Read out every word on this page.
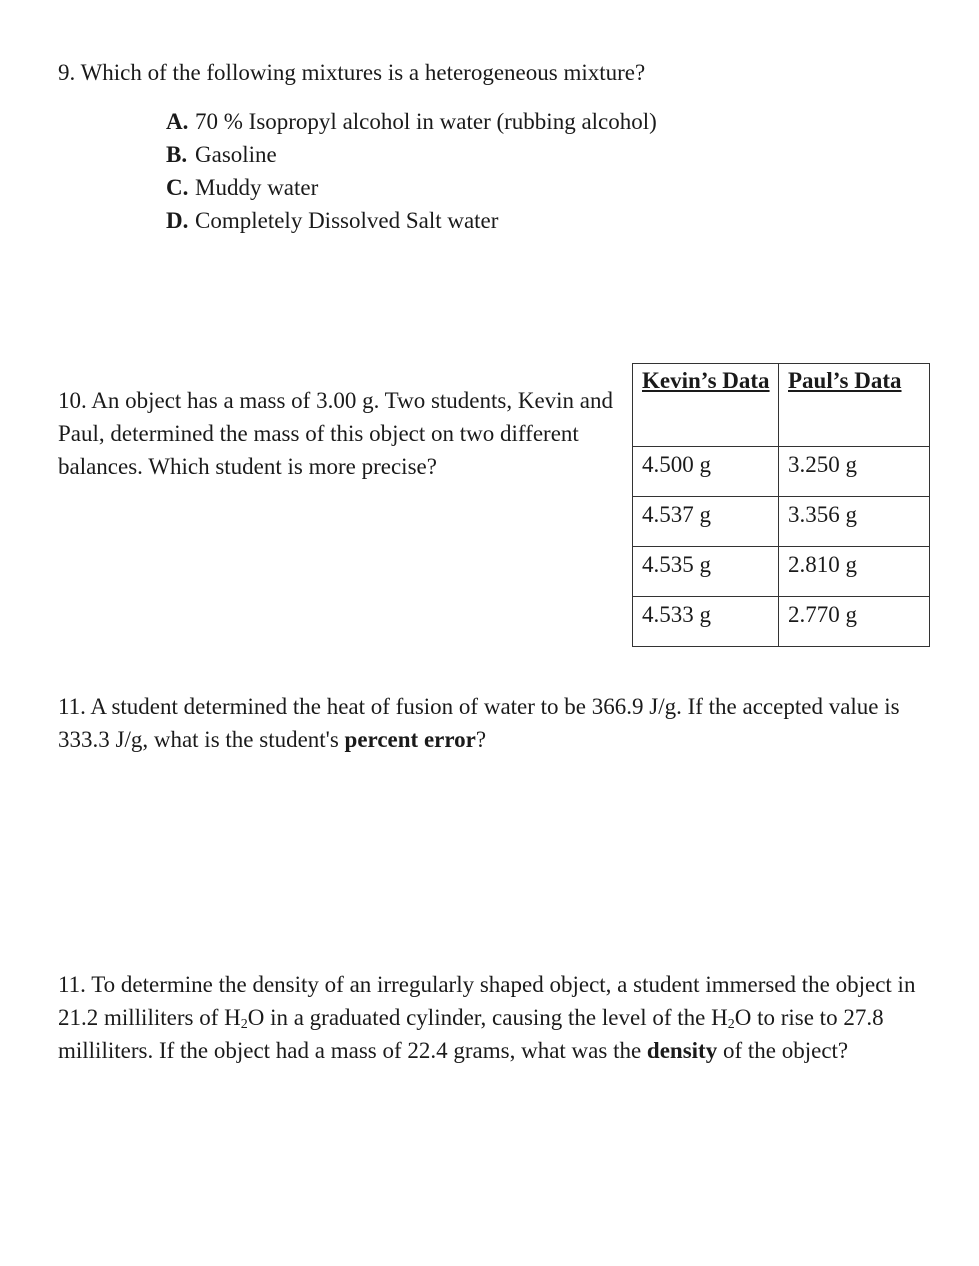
9. Which of the following mixtures is a heterogeneous mixture?
A. 70 % Isopropyl alcohol in water (rubbing alcohol)
B. Gasoline
C. Muddy water
D. Completely Dissolved Salt water
10. An object has a mass of 3.00 g. Two students, Kevin and Paul, determined the mass of this object on two different balances. Which student is more precise?
Kevin’s Data	Paul’s Data
4.500 g	3.250 g
4.537 g	3.356 g
4.535 g	2.810 g
4.533 g	2.770 g
11. A student determined the heat of fusion of water to be 366.9 J/g. If the accepted value is 333.3 J/g, what is the student's percent error?
11. To determine the density of an irregularly shaped object, a student immersed the object in 21.2 milliliters of $H_2O$ in a graduated cylinder, causing the level of the $H_2O$ to rise to 27.8 milliliters. If the object had a mass of 22.4 grams, what was the density of the object?
